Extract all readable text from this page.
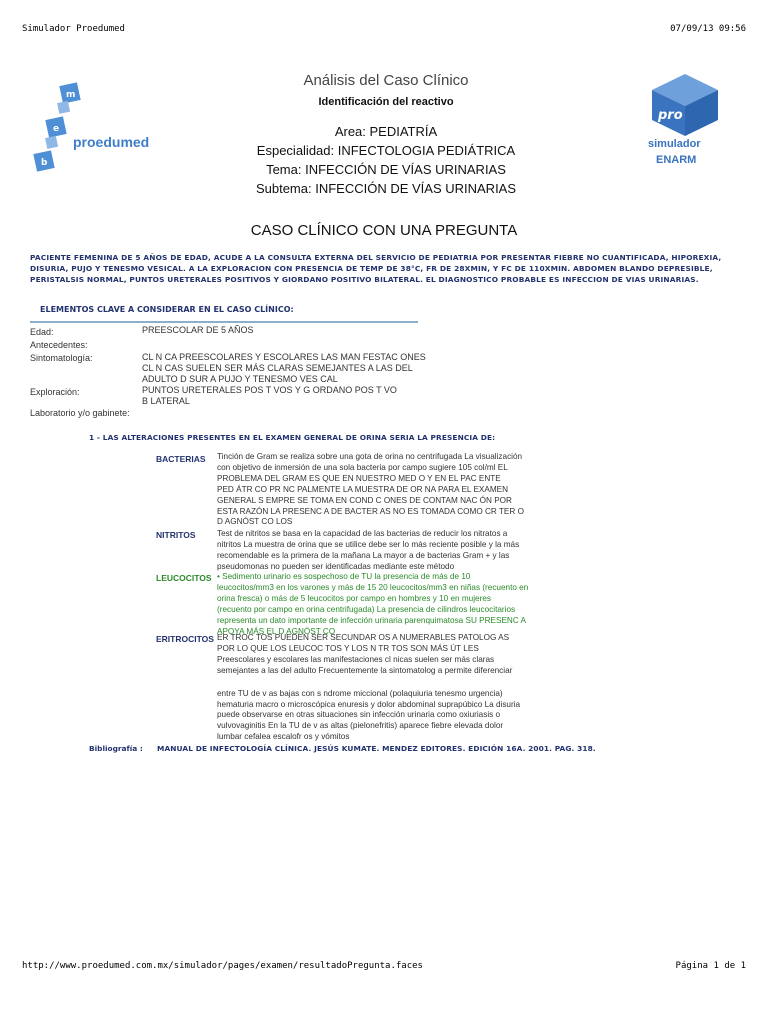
Simulador Proedumed	07/09/13 09:56
http://www.proedumed.com.mx/simulador/pages/examen/resultadoPregunta.faces	Página 1 de 1
m
e
b
proedumed
pro
simulador
ENARM
Análisis del Caso Clínico
Identificación del reactivo
Area: PEDIATRÍA
Especialidad: INFECTOLOGIA PEDIÁTRICA
Tema: INFECCIÓN DE VÍAS URINARIAS
Subtema: INFECCIÓN DE VÍAS URINARIAS
CASO CLÍNICO CON UNA PREGUNTA
PACIENTE FEMENINA DE 5 AÑOS DE EDAD, ACUDE A LA CONSULTA EXTERNA DEL SERVICIO DE PEDIATRIA POR PRESENTAR FIEBRE NO CUANTIFICADA, HIPOREXIA,
DISURIA, PUJO Y TENESMO VESICAL. A LA EXPLORACION CON PRESENCIA DE TEMP DE 38°C, FR DE 28XMIN, Y FC DE 110XMIN. ABDOMEN BLANDO DEPRESIBLE,
PERISTALSIS NORMAL, PUNTOS URETERALES POSITIVOS Y GIORDANO POSITIVO BILATERAL. EL DIAGNOSTICO PROBABLE ES INFECCION DE VIAS URINARIAS.
ELEMENTOS CLAVE A CONSIDERAR EN EL CASO CLÍNICO:
Edad:	PREESCOLAR DE 5 AÑOS
Antecedentes:
Sintomatología:	CL N CA PREESCOLARES Y ESCOLARES LAS MAN FESTAC ONES
CL N CAS SUELEN SER MÁS CLARAS SEMEJANTES A LAS DEL
ADULTO D SUR A PUJO Y TENESMO VES CAL
Exploración:	PUNTOS URETERALES POS T VOS Y G ORDANO POS T VO
B LATERAL
Laboratorio y/o gabinete:
1 - LAS ALTERACIONES PRESENTES EN EL EXAMEN GENERAL DE ORINA SERIA LA PRESENCIA DE:
BACTERIAS Tinción de Gram se realiza sobre una gota de orina no centrifugada La visualización
con objetivo de inmersión de una sola bacteria por campo sugiere 105 col/ml EL
PROBLEMA DEL GRAM ES QUE EN NUESTRO MED O Y EN EL PAC ENTE
PED ÁTR CO PR NC PALMENTE LA MUESTRA DE OR NA PARA EL EXAMEN
GENERAL S EMPRE SE TOMA EN COND C ONES DE CONTAM NAC ÓN POR
ESTA RAZÓN LA PRESENC A DE BACTER AS NO ES TOMADA COMO CR TER O
D AGNÓST CO LOS
NITRITOS	Test de nitritos se basa en la capacidad de las bacterias de reducir los nitratos a
nitritos La muestra de orina que se utilice debe ser lo más reciente posible y la más
recomendable es la primera de la mañana La mayor a de bacterias Gram + y las
pseudomonas no pueden ser identificadas mediante este método
LEUCOCITOS • Sedimento urinario es sospechoso de TU la presencia de más de 10
leucocitos/mm3 en los varones y más de 15 20 leucocitos/mm3 en niñas (recuento en
orina fresca) o más de 5 leucocitos por campo en hombres y 10 en mujeres
(recuento por campo en orina centrifugada) La presencia de cilindros leucocitarios
representa un dato importante de infección urinaria parenquimatosa SU PRESENC A
APOYA MÁS EL D AGNÓST CO
ERITROCITOS ER TROC TOS PUEDEN SER SECUNDAR OS A NUMERABLES PATOLOG AS
POR LO QUE LOS LEUCOC TOS Y LOS N TR TOS SON MÁS ÚT LES
Preescolares y escolares las manifestaciones cl nicas suelen ser más claras
semejantes a las del adulto Frecuentemente la sintomatolog a permite diferenciar
entre TU de v as bajas con s ndrome miccional (polaquiuria tenesmo urgencia)
hematuria macro o microscópica enuresis y dolor abdominal suprapúbico La disuria
puede observarse en otras situaciones sin infección urinaria como oxiuriasis o
vulvovaginitis En la TU de v as altas (pielonefritis) aparece fiebre elevada dolor
lumbar cefalea escalofr os y vómitos
Bibliografía : MANUAL DE INFECTOLOGÍA CLÍNICA. JESÚS KUMATE. MENDEZ EDITORES. EDICIÓN 16A. 2001. PAG. 318.
